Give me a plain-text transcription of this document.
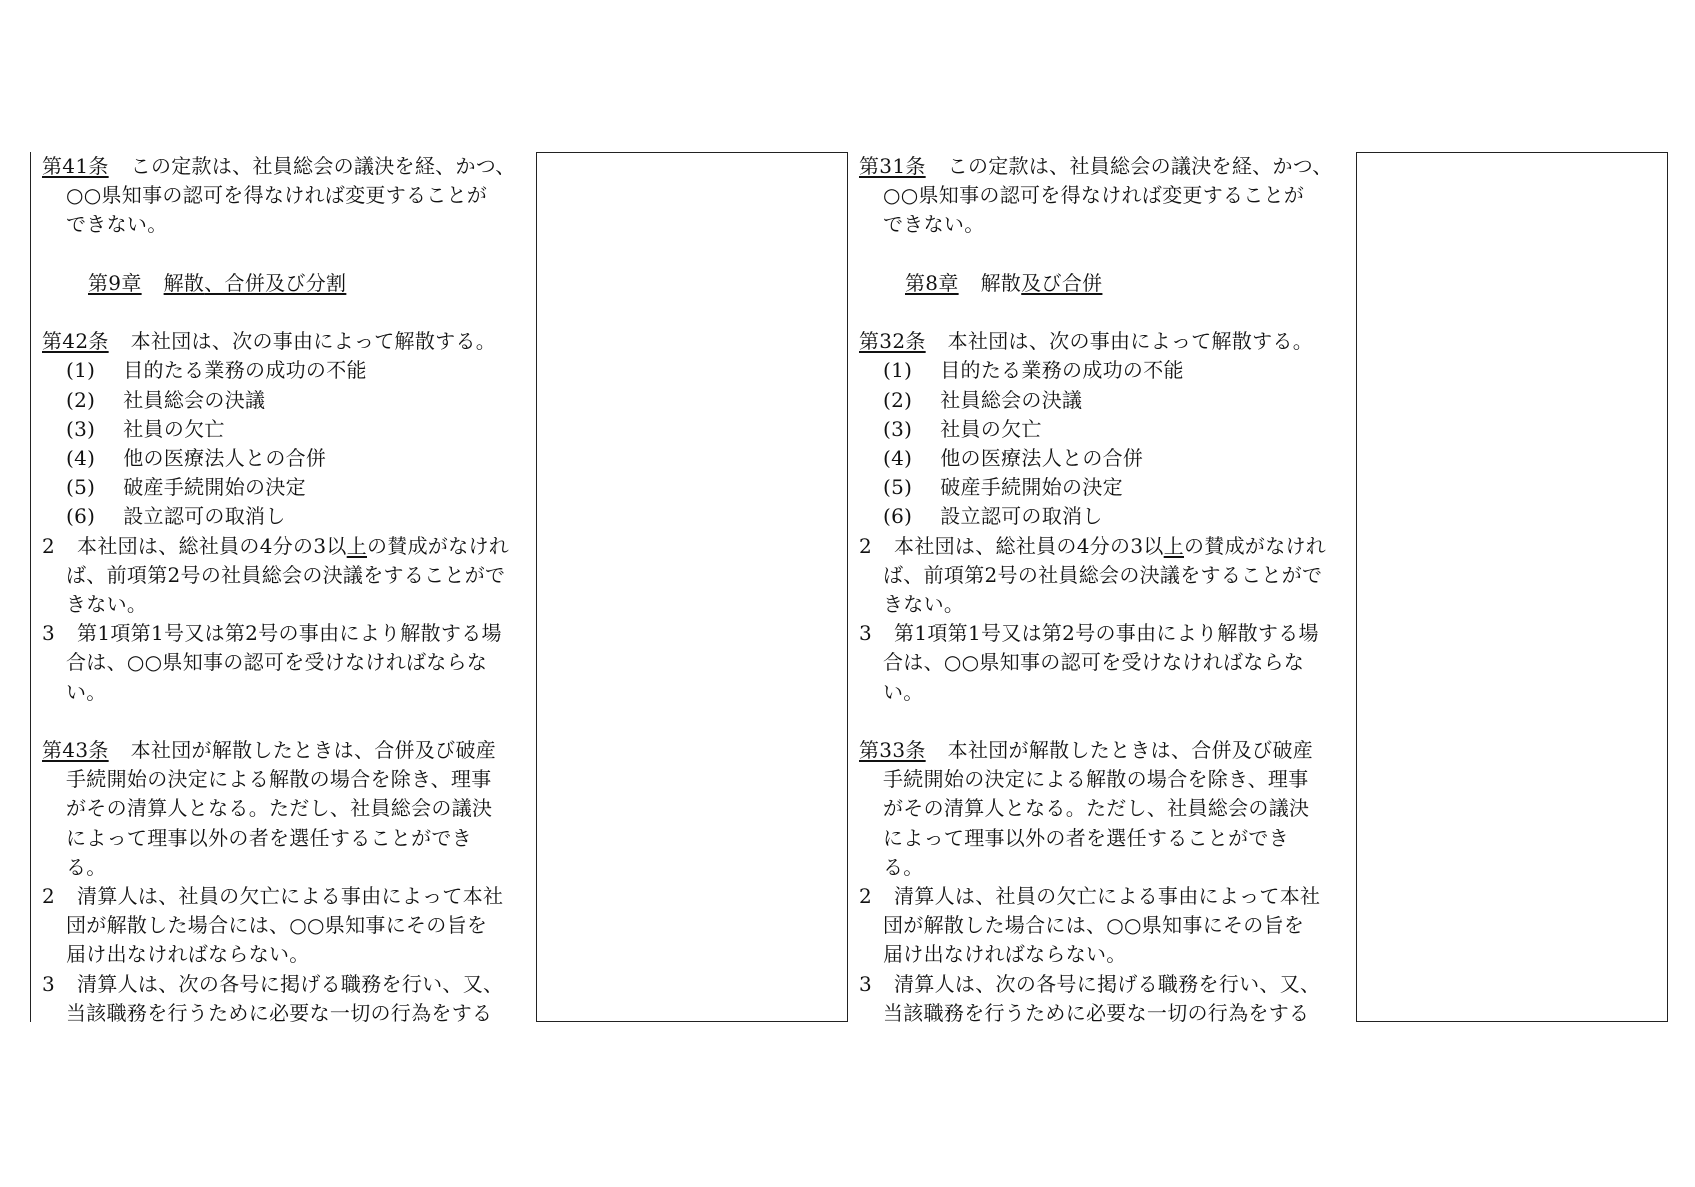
第41条 この定款は、社員総会の議決を経、かつ、
○○県知事の認可を得なければ変更することが
できない。
第9章 解散、合併及び分割
第42条 本社団は、次の事由によって解散する。
(1) 目的たる業務の成功の不能
(2) 社員総会の決議
(3) 社員の欠亡
(4) 他の医療法人との合併
(5) 破産手続開始の決定
(6) 設立認可の取消し
2 本社団は、総社員の4分の3以上の賛成がなけれ
ば、前項第2号の社員総会の決議をすることがで
きない。
3 第1項第1号又は第2号の事由により解散する場
合は、○○県知事の認可を受けなければならな
い。
第43条 本社団が解散したときは、合併及び破産
手続開始の決定による解散の場合を除き、理事
がその清算人となる。ただし、社員総会の議決
によって理事以外の者を選任することができ
る。
2 清算人は、社員の欠亡による事由によって本社
団が解散した場合には、○○県知事にその旨を
届け出なければならない。
3 清算人は、次の各号に掲げる職務を行い、又、
当該職務を行うために必要な一切の行為をする
第31条 この定款は、社員総会の議決を経、かつ、
○○県知事の認可を得なければ変更することが
できない。
第8章 解散及び合併
第32条 本社団は、次の事由によって解散する。
(1) 目的たる業務の成功の不能
(2) 社員総会の決議
(3) 社員の欠亡
(4) 他の医療法人との合併
(5) 破産手続開始の決定
(6) 設立認可の取消し
2 本社団は、総社員の4分の3以上の賛成がなけれ
ば、前項第2号の社員総会の決議をすることがで
きない。
3 第1項第1号又は第2号の事由により解散する場
合は、○○県知事の認可を受けなければならな
い。
第33条 本社団が解散したときは、合併及び破産
手続開始の決定による解散の場合を除き、理事
がその清算人となる。ただし、社員総会の議決
によって理事以外の者を選任することができ
る。
2 清算人は、社員の欠亡による事由によって本社
団が解散した場合には、○○県知事にその旨を
届け出なければならない。
3 清算人は、次の各号に掲げる職務を行い、又、
当該職務を行うために必要な一切の行為をする
